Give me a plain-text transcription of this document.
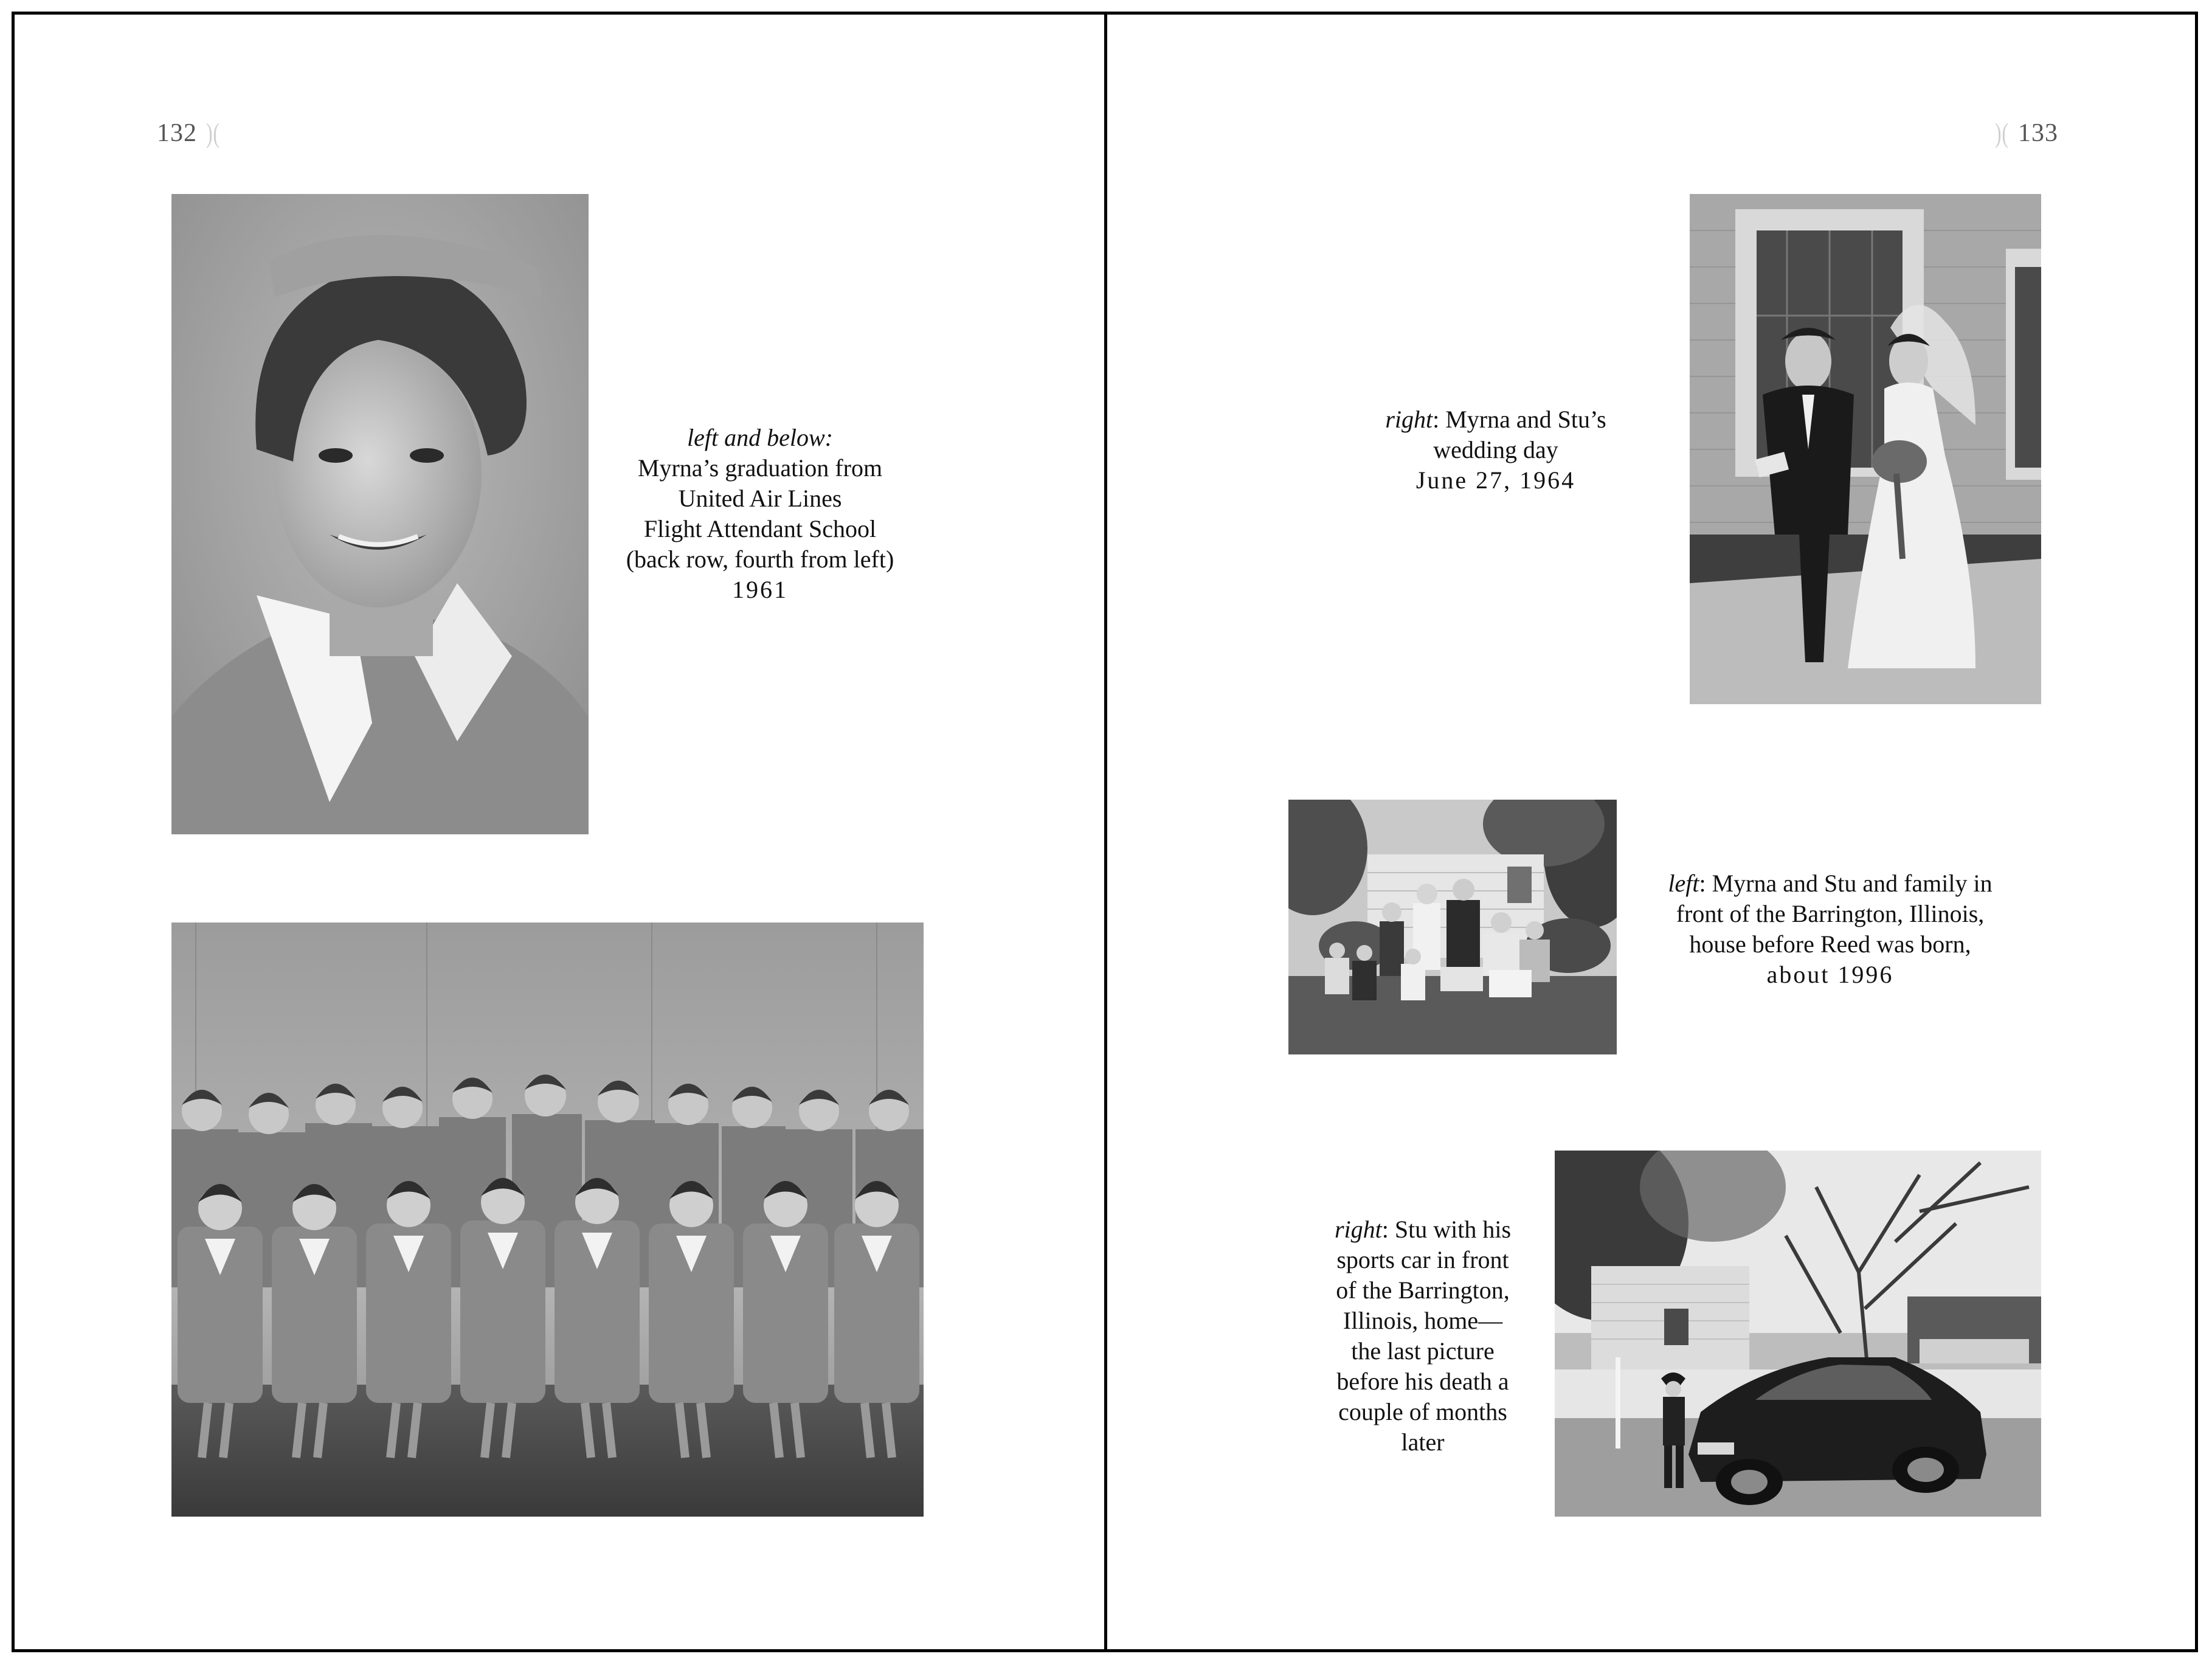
132 )(
left and below:
Myrna’s graduation from
United Air Lines
Flight Attendant School
(back row, fourth from left)
1961
)( 133
right: Myrna and Stu’s
wedding day
June 27, 1964
left: Myrna and Stu and family in
front of the Barrington, Illinois,
house before Reed was born,
about 1996
right: Stu with his
sports car in front
of the Barrington,
Illinois, home—
the last picture
before his death a
couple of months
later
